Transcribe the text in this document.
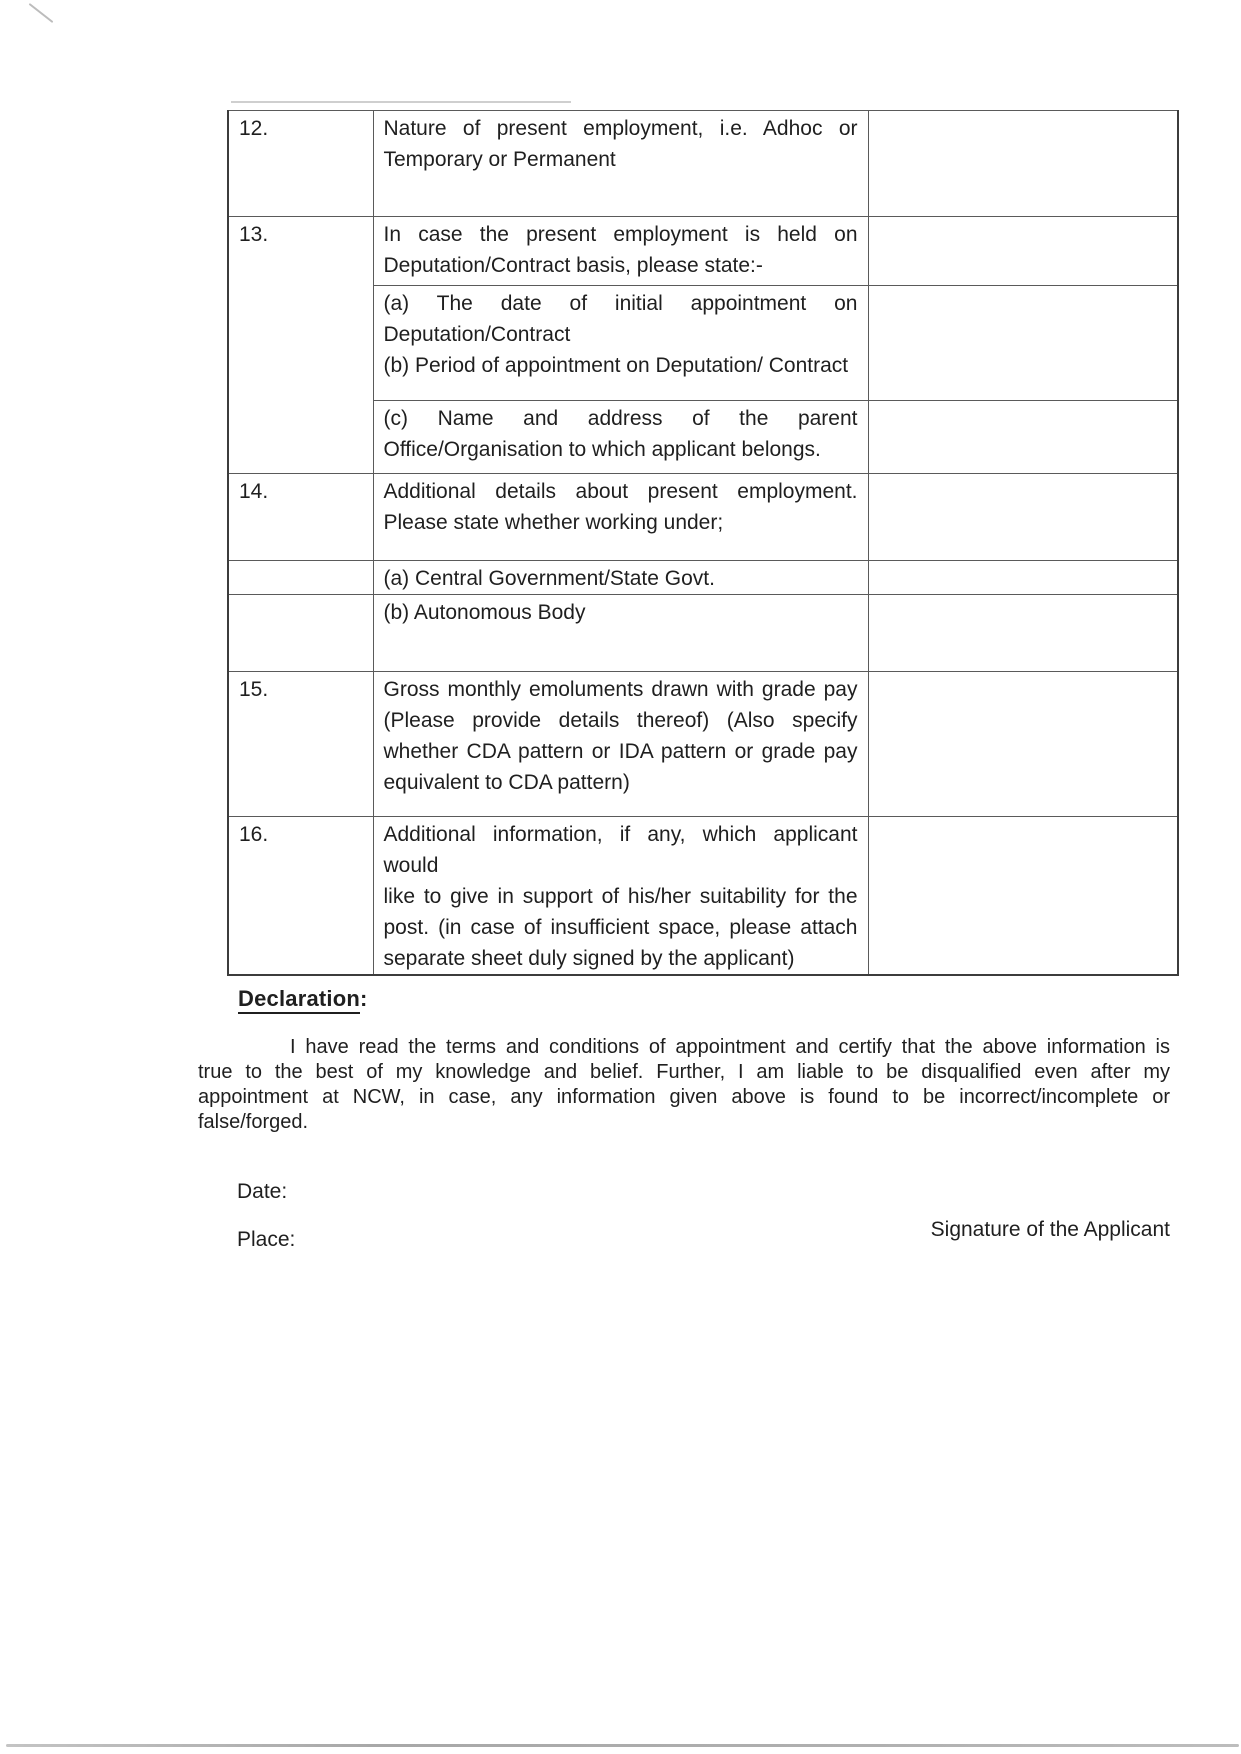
12.	Nature of present employment, i.e. Adhoc or
Temporary or Permanent	

13.	In case the present employment is held on
Deputation/Contract basis, please state:-	

	(a) The date of initial appointment on
Deputation/Contract
(b) Period of appointment on Deputation/ Contract	

	(c) Name and address of the parent
Office/Organisation to which applicant belongs.	

14.	Additional details about present employment.
Please state whether working under;	

	(a) Central Government/State Govt.	

	(b) Autonomous Body	

15.	Gross monthly emoluments drawn with grade pay
(Please provide details thereof) (Also specify
whether CDA pattern or IDA pattern or grade pay
equivalent to CDA pattern)	

16.	Additional information, if any, which applicant would
like to give in support of his/her suitability for the
post. (in case of insufficient space, please attach
separate sheet duly signed by the applicant)	

Declaration:
I have read the terms and conditions of appointment and certify that the above information is
true to the best of my knowledge and belief. Further, I am liable to be disqualified even after my
appointment at NCW, in case, any information given above is found to be incorrect/incomplete or
false/forged.
Date:
Place:	Signature of the Applicant
